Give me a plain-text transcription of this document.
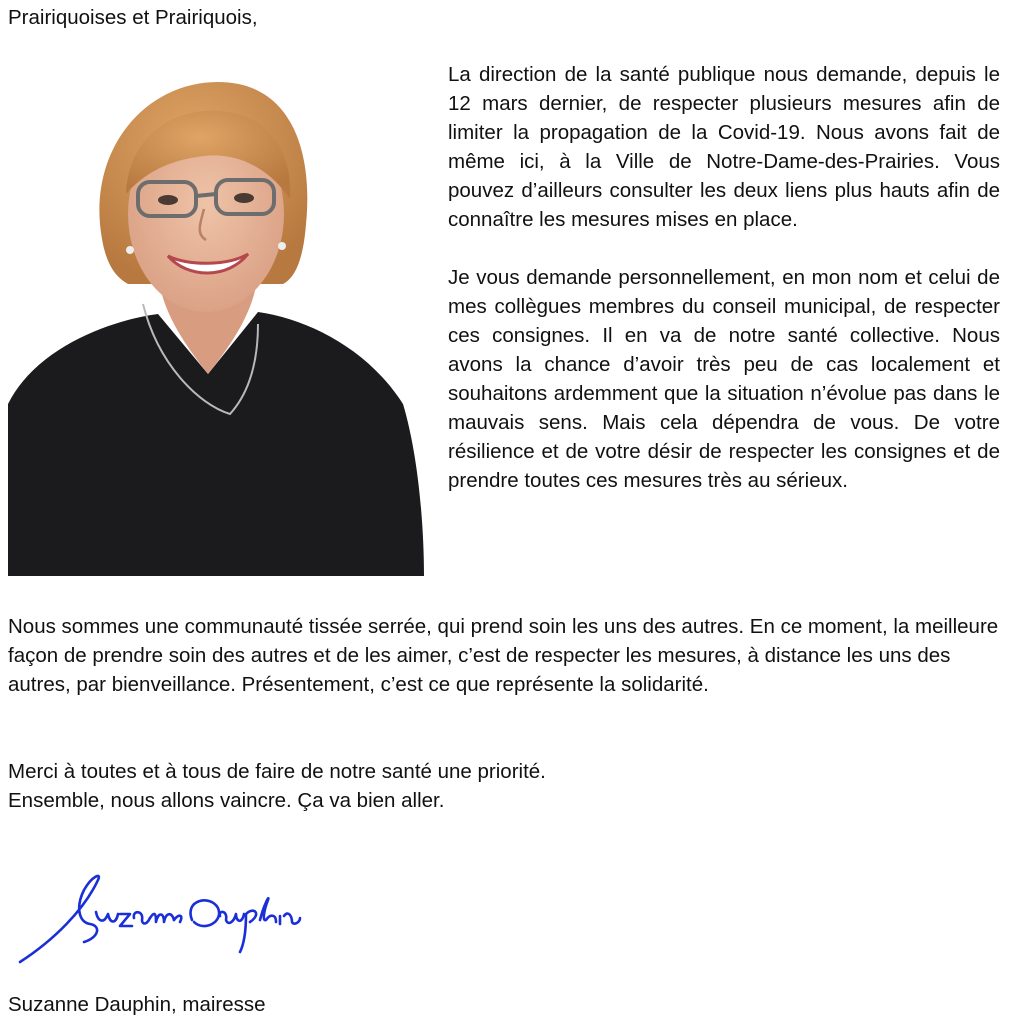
Prairiquoises et Prairiquois,

La direction de la santé publique nous demande, depuis le 12 mars dernier, de respecter plusieurs mesures afin de limiter la propagation de la Covid-19. Nous avons fait de même ici, à la Ville de Notre-Dame-des-Prairies. Vous pouvez d’ailleurs consulter les deux liens plus hauts afin de connaître les mesures mises en place.

Je vous demande personnellement, en mon nom et celui de mes collègues membres du conseil municipal, de respecter ces consignes. Il en va de notre santé collective. Nous avons la chance d’avoir très peu de cas localement et souhaitons ardemment que la situation n’évolue pas dans le mauvais sens. Mais cela dépendra de vous. De votre résilience et de votre désir de respecter les consignes et de prendre toutes ces mesures très au sérieux.

Nous sommes une communauté tissée serrée, qui prend soin les uns des autres. En ce moment, la meilleure façon de prendre soin des autres et de les aimer, c’est de respecter les mesures, à distance les uns des autres, par bienveillance. Présentement, c’est ce que représente la solidarité.

Merci à toutes et à tous de faire de notre santé une priorité.
Ensemble, nous allons vaincre. Ça va bien aller.

Suzanne Dauphin, mairesse
